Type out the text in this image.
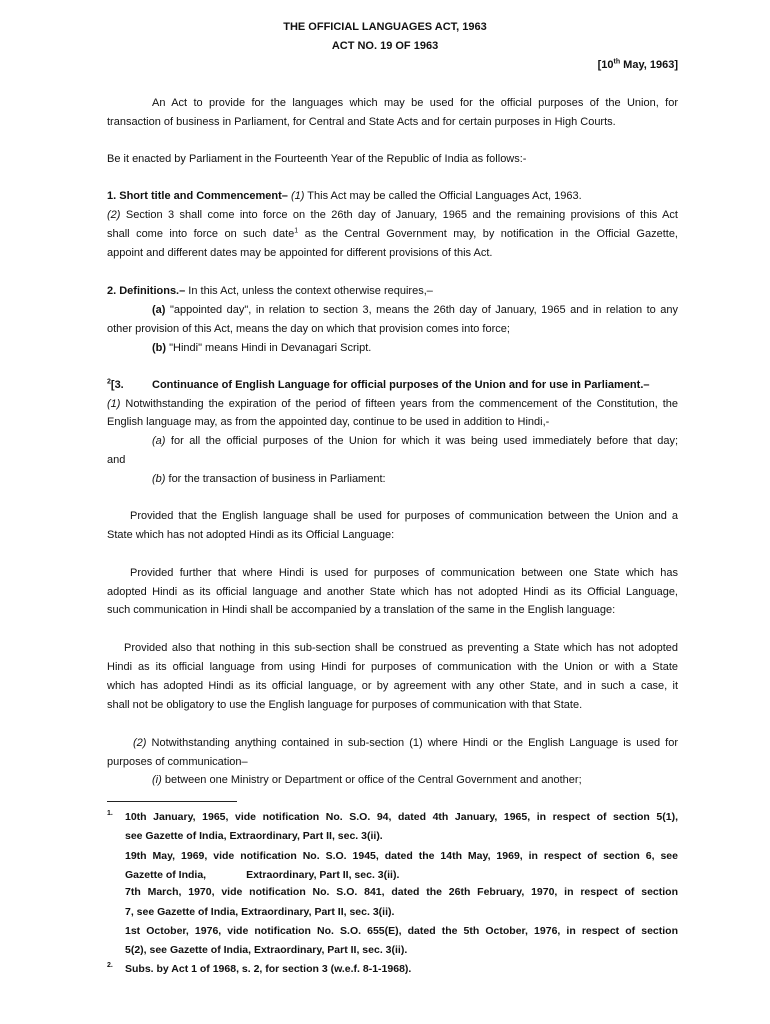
THE OFFICIAL LANGUAGES ACT, 1963
ACT NO. 19 OF 1963
[10th May, 1963]
An Act to provide for the languages which may be used for the official purposes of the Union, for
transaction of business in Parliament, for Central and State Acts and for certain purposes in High Courts.
Be it enacted by Parliament in the Fourteenth Year of the Republic of India as follows:-
1. Short title and Commencement– (1) This Act may be called the Official Languages Act, 1963.
(2) Section 3 shall come into force on the 26th day of January, 1965 and the remaining provisions of this Act
shall come into force on such date$^1$ as the Central Government may, by notification in the Official Gazette,
appoint and different dates may be appointed for different provisions of this Act.
2. Definitions.– In this Act, unless the context otherwise requires,–
(a) "appointed day", in relation to section 3, means the 26th day of January, 1965 and in relation to any
other provision of this Act, means the day on which that provision comes into force;
(b) "Hindi" means Hindi in Devanagari Script.
$^2$[3.	Continuance of English Language for official purposes of the Union and for use in Parliament.–
(1) Notwithstanding the expiration of the period of fifteen years from the commencement of the Constitution, the
English language may, as from the appointed day, continue to be used in addition to Hindi,-
(a) for all the official purposes of the Union for which it was being used immediately before that day;
and
(b) for the transaction of business in Parliament:
Provided that the English language shall be used for purposes of communication between the Union and a
State which has not adopted Hindi as its Official Language:
Provided further that where Hindi is used for purposes of communication between one State which has
adopted Hindi as its official language and another State which has not adopted Hindi as its Official Language,
such communication in Hindi shall be accompanied by a translation of the same in the English language:
Provided also that nothing in this sub-section shall be construed as preventing a State which has not adopted
Hindi as its official language from using Hindi for purposes of communication with the Union or with a State
which has adopted Hindi as its official language, or by agreement with any other State, and in such a case, it
shall not be obligatory to use the English language for purposes of communication with that State.
(2) Notwithstanding anything contained in sub-section (1) where Hindi or the English Language is used for
purposes of communication–
(i) between one Ministry or Department or office of the Central Government and another;
1. 10th January, 1965, vide notification No. S.O. 94, dated 4th January, 1965, in respect of section 5(1),
see Gazette of India, Extraordinary, Part II, sec. 3(ii).
19th May, 1969, vide notification No. S.O. 1945, dated the 14th May, 1969, in respect of section 6, see
Gazette of India,	Extraordinary, Part II, sec. 3(ii).
7th March, 1970, vide notification No. S.O. 841, dated the 26th February, 1970, in respect of section
7, see Gazette of India, Extraordinary, Part II, sec. 3(ii).
1st October, 1976, vide notification No. S.O. 655(E), dated the 5th October, 1976, in respect of section
5(2), see Gazette of India, Extraordinary, Part II, sec. 3(ii).
2. Subs. by Act 1 of 1968, s. 2, for section 3 (w.e.f. 8-1-1968).
